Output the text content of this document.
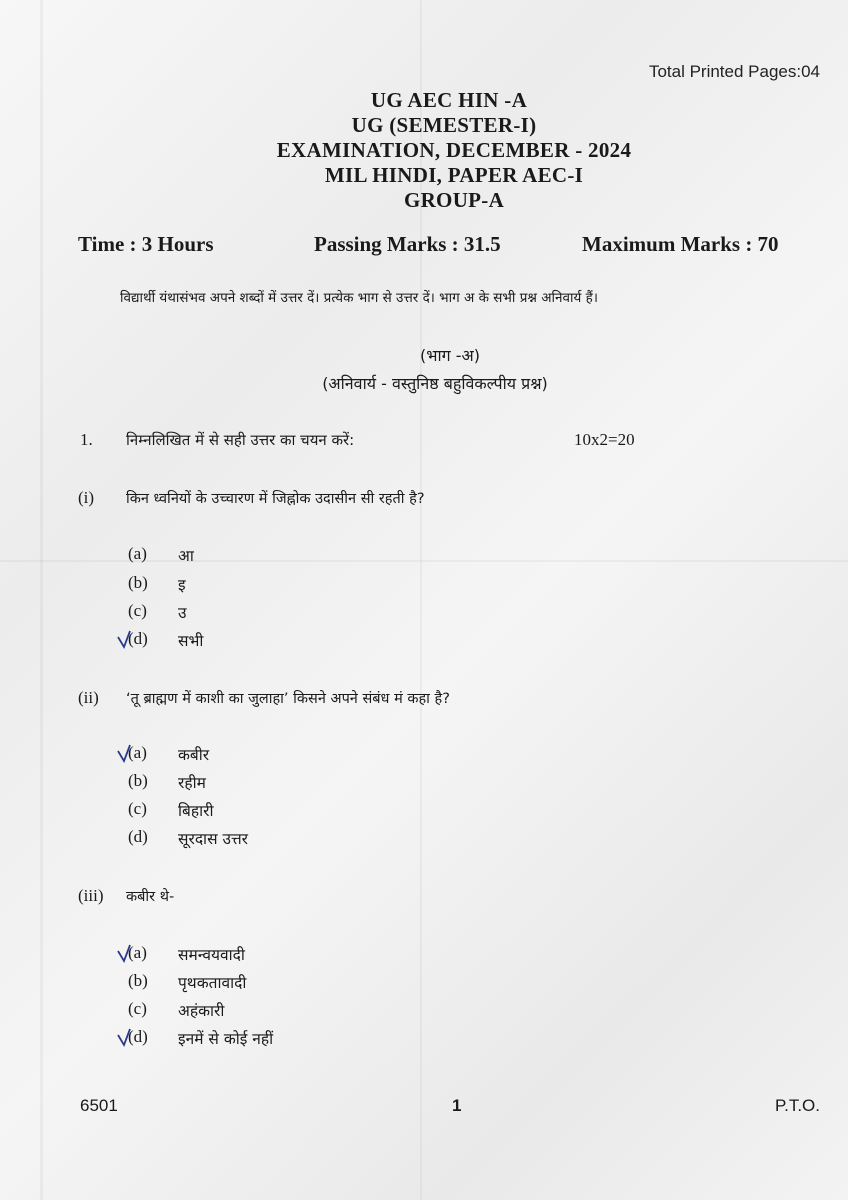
Total Printed Pages:04
UG AEC HIN -A
UG (SEMESTER-I)
EXAMINATION, DECEMBER - 2024
MIL HINDI, PAPER AEC-I
GROUP-A
Time : 3 Hours	Passing Marks : 31.5	Maximum Marks : 70
विद्यार्थी यंथासंभव अपने शब्दों में उत्तर दें। प्रत्येक भाग से उत्तर दें। भाग अ के सभी प्रश्न अनिवार्य हैं।
(भाग -अ)
(अनिवार्य - वस्तुनिष्ठ बहुविकल्पीय प्रश्न)
1. निम्नलिखित में से सही उत्तर का चयन करें:	10x2=20
(i) किन ध्वनियों के उच्चारण में जिह्नोक उदासीन सी रहती है?
(a)	आ
(b)	इ
(c)	उ
(d)	सभी
(ii) ‘तू ब्राह्मण में काशी का जुलाहा’ किसने अपने संबंध मं कहा है?
(a)	कबीर
(b)	रहीम
(c)	बिहारी
(d)	सूरदास उत्तर
(iii) कबीर थे-
(a)	समन्वयवादी
(b)	पृथकतावादी
(c)	अहंकारी
(d)	इनमें से कोई नहीं
6501	1	P.T.O.
